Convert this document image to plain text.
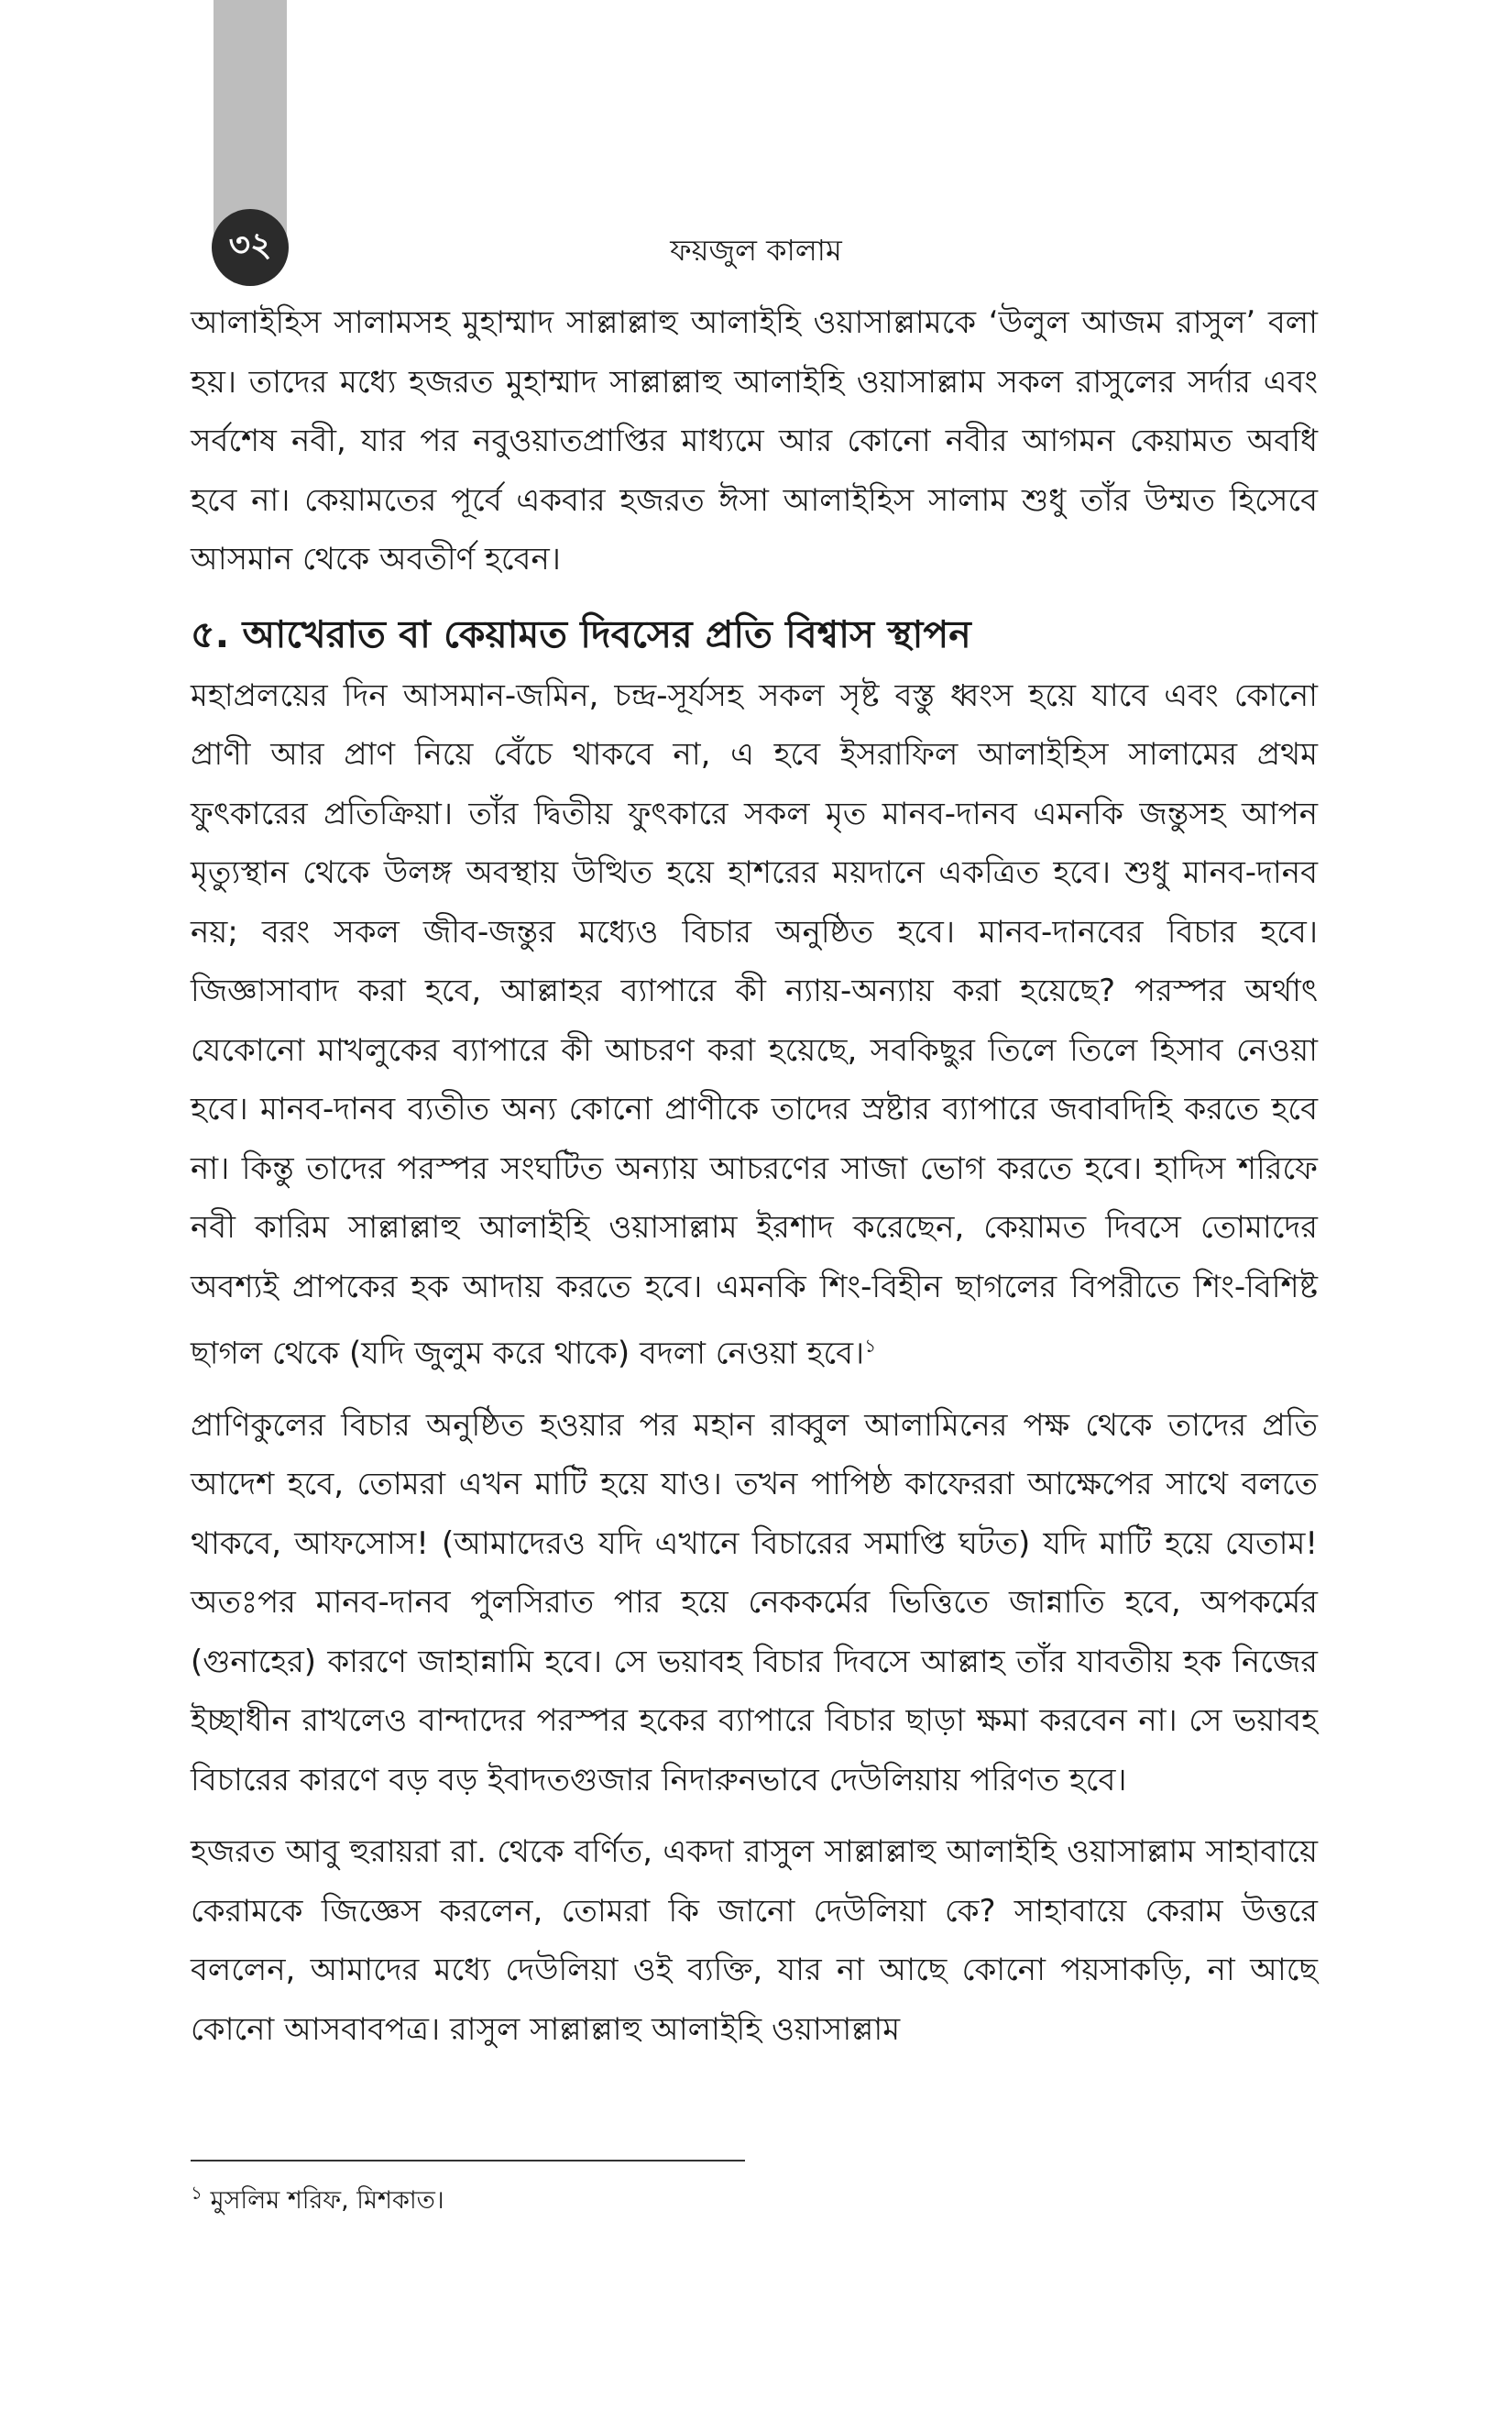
৩২	ফয়জুল কালাম

আলাইহিস সালামসহ মুহাম্মাদ সাল্লাল্লাহু আলাইহি ওয়াসাল্লামকে ‘উলুল আজম রাসুল’ বলা হয়। তাদের মধ্যে হজরত মুহাম্মাদ সাল্লাল্লাহু আলাইহি ওয়াসাল্লাম সকল রাসুলের সর্দার এবং সর্বশেষ নবী, যার পর নবুওয়াতপ্রাপ্তির মাধ্যমে আর কোনো নবীর আগমন কেয়ামত অবধি হবে না। কেয়ামতের পূর্বে একবার হজরত ঈসা আলাইহিস সালাম শুধু তাঁর উম্মত হিসেবে আসমান থেকে অবতীর্ণ হবেন।

৫. আখেরাত বা কেয়ামত দিবসের প্রতি বিশ্বাস স্থাপন

মহাপ্রলয়ের দিন আসমান-জমিন, চন্দ্র-সূর্যসহ সকল সৃষ্ট বস্তু ধ্বংস হয়ে যাবে এবং কোনো প্রাণী আর প্রাণ নিয়ে বেঁচে থাকবে না, এ হবে ইসরাফিল আলাইহিস সালামের প্রথম ফুৎকারের প্রতিক্রিয়া। তাঁর দ্বিতীয় ফুৎকারে সকল মৃত মানব-দানব এমনকি জন্তুসহ আপন মৃত্যুস্থান থেকে উলঙ্গ অবস্থায় উত্থিত হয়ে হাশরের ময়দানে একত্রিত হবে। শুধু মানব-দানব নয়; বরং সকল জীব-জন্তুর মধ্যেও বিচার অনুষ্ঠিত হবে। মানব-দানবের বিচার হবে। জিজ্ঞাসাবাদ করা হবে, আল্লাহর ব্যাপারে কী ন্যায়-অন্যায় করা হয়েছে? পরস্পর অর্থাৎ যেকোনো মাখলুকের ব্যাপারে কী আচরণ করা হয়েছে, সবকিছুর তিলে তিলে হিসাব নেওয়া হবে। মানব-দানব ব্যতীত অন্য কোনো প্রাণীকে তাদের স্রষ্টার ব্যাপারে জবাবদিহি করতে হবে না। কিন্তু তাদের পরস্পর সংঘটিত অন্যায় আচরণের সাজা ভোগ করতে হবে। হাদিস শরিফে নবী কারিম সাল্লাল্লাহু আলাইহি ওয়াসাল্লাম ইরশাদ করেছেন, কেয়ামত দিবসে তোমাদের অবশ্যই প্রাপকের হক আদায় করতে হবে। এমনকি শিং-বিহীন ছাগলের বিপরীতে শিং-বিশিষ্ট ছাগল থেকে (যদি জুলুম করে থাকে) বদলা নেওয়া হবে।$^১$

প্রাণিকুলের বিচার অনুষ্ঠিত হওয়ার পর মহান রাব্বুল আলামিনের পক্ষ থেকে তাদের প্রতি আদেশ হবে, তোমরা এখন মাটি হয়ে যাও। তখন পাপিষ্ঠ কাফেররা আক্ষেপের সাথে বলতে থাকবে, আফসোস! (আমাদেরও যদি এখানে বিচারের সমাপ্তি ঘটত) যদি মাটি হয়ে যেতাম! অতঃপর মানব-দানব পুলসিরাত পার হয়ে নেককর্মের ভিত্তিতে জান্নাতি হবে, অপকর্মের (গুনাহের) কারণে জাহান্নামি হবে। সে ভয়াবহ বিচার দিবসে আল্লাহ তাঁর যাবতীয় হক নিজের ইচ্ছাধীন রাখলেও বান্দাদের পরস্পর হকের ব্যাপারে বিচার ছাড়া ক্ষমা করবেন না। সে ভয়াবহ বিচারের কারণে বড় বড় ইবাদতগুজার নিদারুনভাবে দেউলিয়ায় পরিণত হবে।

হজরত আবু হুরায়রা রা. থেকে বর্ণিত, একদা রাসুল সাল্লাল্লাহু আলাইহি ওয়াসাল্লাম সাহাবায়ে কেরামকে জিজ্ঞেস করলেন, তোমরা কি জানো দেউলিয়া কে? সাহাবায়ে কেরাম উত্তরে বললেন, আমাদের মধ্যে দেউলিয়া ওই ব্যক্তি, যার না আছে কোনো পয়সাকড়ি, না আছে কোনো আসবাবপত্র। রাসুল সাল্লাল্লাহু আলাইহি ওয়াসাল্লাম

$^১$ মুসলিম শরিফ, মিশকাত।
